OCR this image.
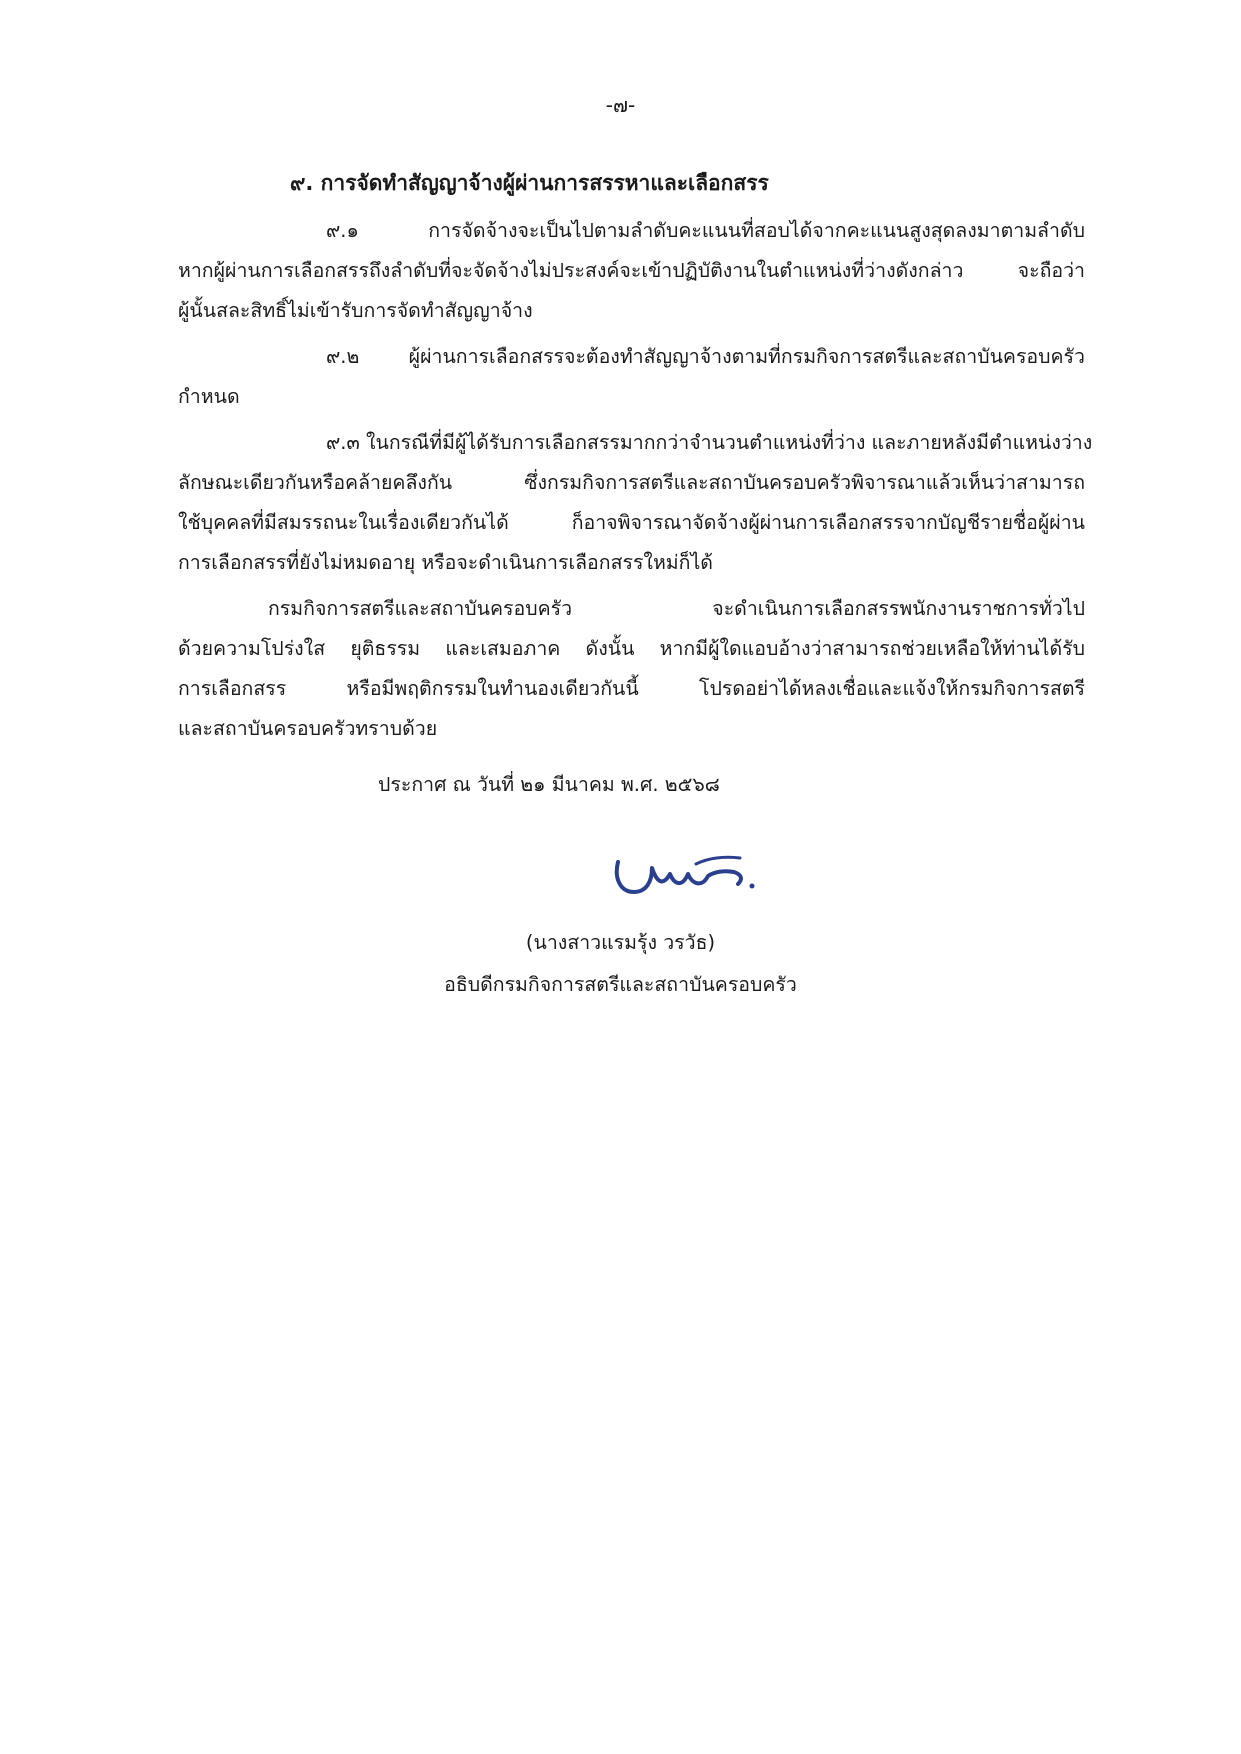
-๗-
๙. การจัดทำสัญญาจ้างผู้ผ่านการสรรหาและเลือกสรร
๙.๑ การจัดจ้างจะเป็นไปตามลำดับคะแนนที่สอบได้จากคะแนนสูงสุดลงมาตามลำดับ
หากผู้ผ่านการเลือกสรรถึงลำดับที่จะจัดจ้างไม่ประสงค์จะเข้าปฏิบัติงานในตำแหน่งที่ว่างดังกล่าว จะถือว่า
ผู้นั้นสละสิทธิ์ไม่เข้ารับการจัดทำสัญญาจ้าง
๙.๒ ผู้ผ่านการเลือกสรรจะต้องทำสัญญาจ้างตามที่กรมกิจการสตรีและสถาบันครอบครัว
กำหนด
๙.๓ ในกรณีที่มีผู้ได้รับการเลือกสรรมากกว่าจำนวนตำแหน่งที่ว่าง และภายหลังมีตำแหน่งว่าง
ลักษณะเดียวกันหรือคล้ายคลึงกัน ซึ่งกรมกิจการสตรีและสถาบันครอบครัวพิจารณาแล้วเห็นว่าสามารถ
ใช้บุคคลที่มีสมรรถนะในเรื่องเดียวกันได้ ก็อาจพิจารณาจัดจ้างผู้ผ่านการเลือกสรรจากบัญชีรายชื่อผู้ผ่าน
การเลือกสรรที่ยังไม่หมดอายุ หรือจะดำเนินการเลือกสรรใหม่ก็ได้
กรมกิจการสตรีและสถาบันครอบครัว จะดำเนินการเลือกสรรพนักงานราชการทั่วไป
ด้วยความโปร่งใส ยุติธรรม และเสมอภาค ดังนั้น หากมีผู้ใดแอบอ้างว่าสามารถช่วยเหลือให้ท่านได้รับ
การเลือกสรร หรือมีพฤติกรรมในทำนองเดียวกันนี้ โปรดอย่าได้หลงเชื่อและแจ้งให้กรมกิจการสตรี
และสถาบันครอบครัวทราบด้วย
ประกาศ ณ วันที่ ๒๑ มีนาคม พ.ศ. ๒๕๖๘
(นางสาวแรมรุ้ง วรวัธ)
อธิบดีกรมกิจการสตรีและสถาบันครอบครัว
